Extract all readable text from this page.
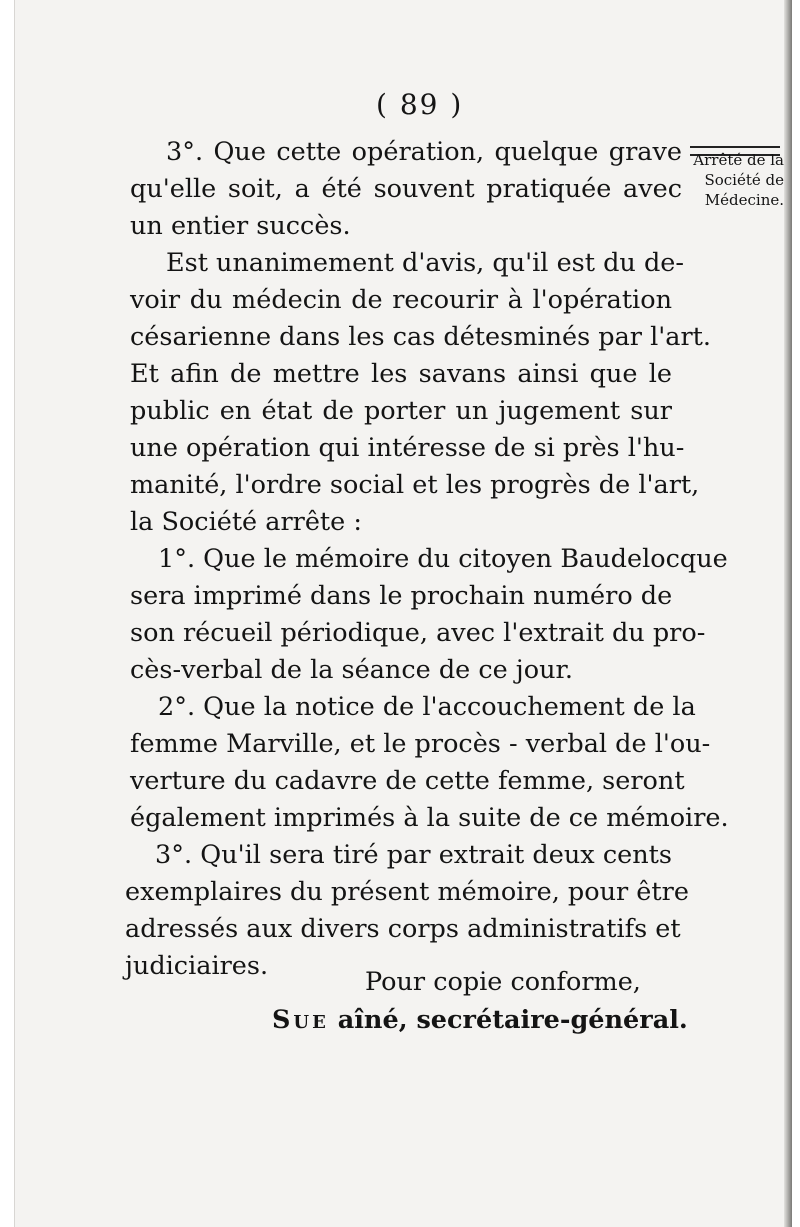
( 89 )
Arrêté de la
Société de
Médecine.
3°. Que cette opération, quelque grave
qu'elle soit, a été souvent pratiquée avec
un entier succès.
Est unanimement d'avis, qu'il est du de-
voir du médecin de recourir à l'opération
césarienne dans les cas détesminés par l'art.
Et afin de mettre les savans ainsi que le
public en état de porter un jugement sur
une opération qui intéresse de si près l'hu-
manité, l'ordre social et les progrès de l'art,
la Société arrête :
1°. Que le mémoire du citoyen Baudelocque
sera imprimé dans le prochain numéro de
son récueil périodique, avec l'extrait du pro-
cès-verbal de la séance de ce jour.
2°. Que la notice de l'accouchement de la
femme Marville, et le procès - verbal de l'ou-
verture du cadavre de cette femme, seront
également imprimés à la suite de ce mémoire.
3°. Qu'il sera tiré par extrait deux cents
exemplaires du présent mémoire, pour être
adressés aux divers corps administratifs et
judiciaires.
Pour copie conforme,
Sue aîné, secrétaire-général.
